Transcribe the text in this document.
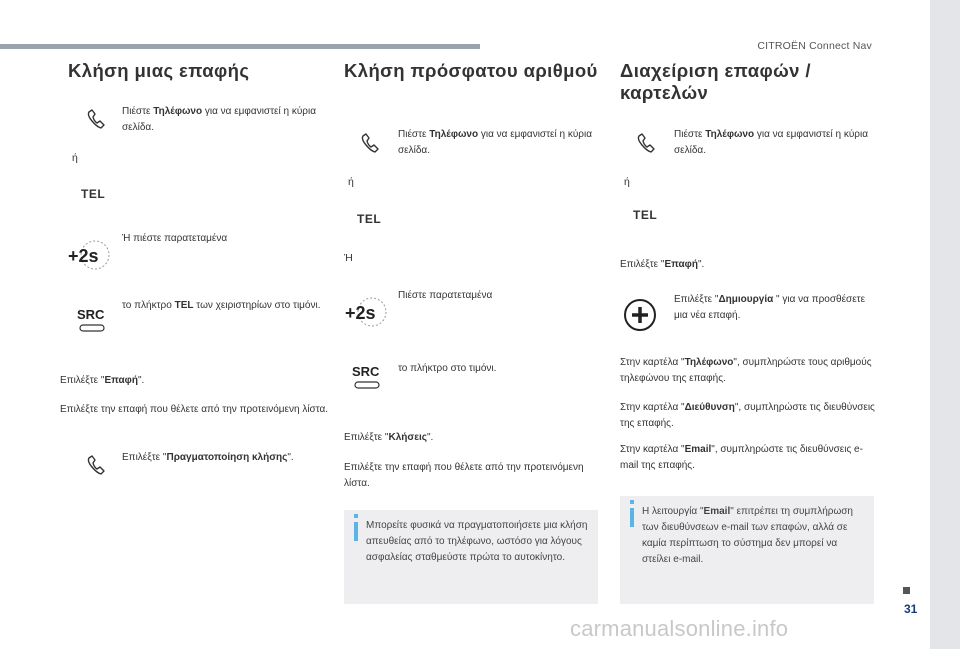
CITROËN Connect Nav
31
carmanualsonline.info
Κλήση μιας επαφής
Πιέστε Τηλέφωνο για να εμφανιστεί η κύρια σελίδα.
ή
TEL
+2s
Ή πιέστε παρατεταμένα
SRC
το πλήκτρο TEL των χειριστηρίων στο τιμόνι.
Επιλέξτε "Επαφή".
Επιλέξτε την επαφή που θέλετε από την προτεινόμενη λίστα.
Επιλέξτε "Πραγματοποίηση κλήσης".
Κλήση πρόσφατου αριθμού
Πιέστε Τηλέφωνο για να εμφανιστεί η κύρια σελίδα.
ή
TEL
Ή
+2s
Πιέστε παρατεταμένα
SRC το πλήκτρο στο τιμόνι.
Επιλέξτε "Κλήσεις".
Επιλέξτε την επαφή που θέλετε από την προτεινόμενη λίστα.
Μπορείτε φυσικά να πραγματοποιήσετε μια κλήση απευθείας από το τηλέφωνο, ωστόσο για λόγους ασφαλείας σταθμεύστε πρώτα το αυτοκίνητο.
Διαχείριση επαφών / καρτελών
Πιέστε Τηλέφωνο για να εμφανιστεί η κύρια σελίδα.
ή
TEL
Επιλέξτε "Επαφή".
Επιλέξτε "Δημιουργία " για να προσθέσετε μια νέα επαφή.
Στην καρτέλα "Τηλέφωνο", συμπληρώστε τους αριθμούς τηλεφώνου της επαφής.
Στην καρτέλα "Διεύθυνση", συμπληρώστε τις διευθύνσεις της επαφής.
Στην καρτέλα "Email", συμπληρώστε τις διευθύνσεις e-mail της επαφής.
Η λειτουργία "Email" επιτρέπει τη συμπλήρωση των διευθύνσεων e-mail των επαφών, αλλά σε καμία περίπτωση το σύστημα δεν μπορεί να στείλει e-mail.
